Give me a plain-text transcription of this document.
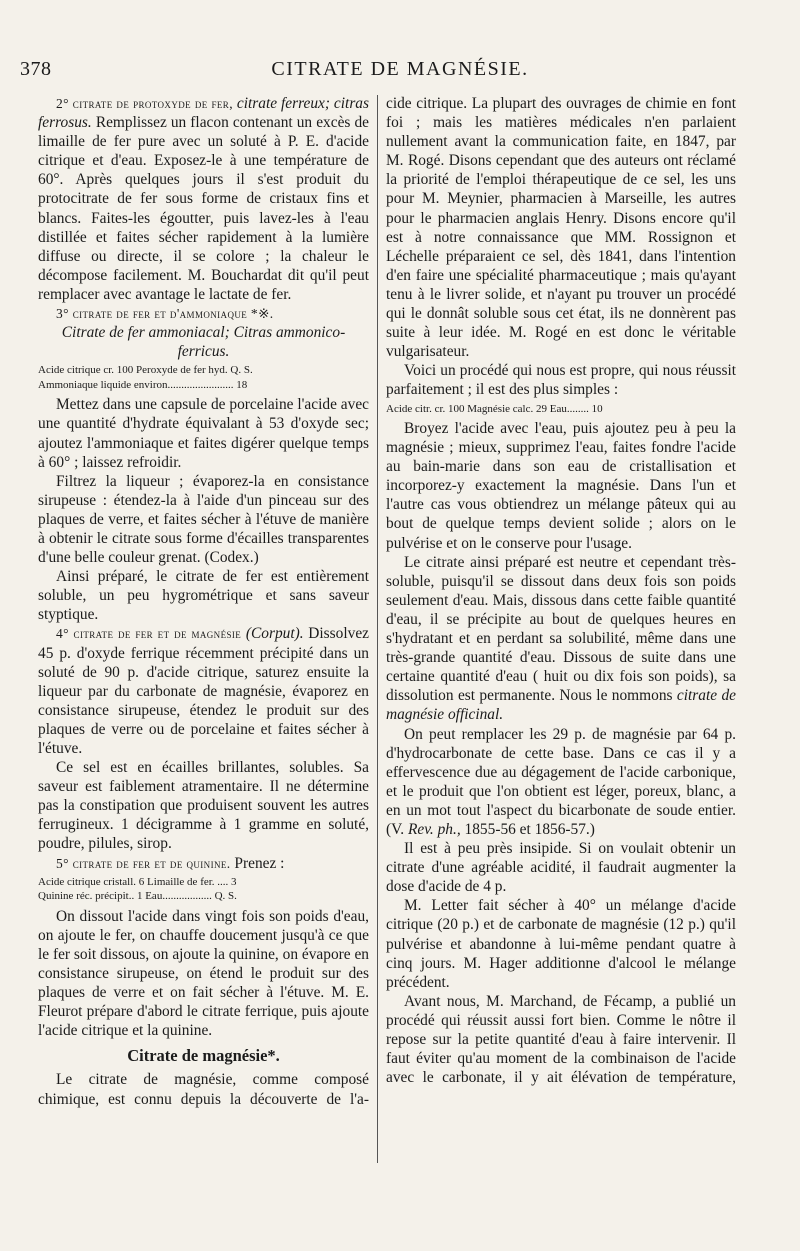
378	CITRATE DE MAGNÉSIE.

2° citrate de protoxyde de fer, citrate ferreux; citras ferrosus. Remplissez un flacon contenant un excès de limaille de fer pure avec un soluté à P. E. d'acide citrique et d'eau. Exposez-le à une température de 60°. Après quelques jours il s'est produit du protocitrate de fer sous forme de cristaux fins et blancs. Faites-les égoutter, puis lavez-les à l'eau distillée et faites sécher rapidement à la lumière diffuse ou directe, il se colore ; la chaleur le décompose facilement. M. Bouchardat dit qu'il peut remplacer avec avantage le lactate de fer.

3° citrate de fer et d'ammoniaque *※.

Citrate de fer ammoniacal; Citras ammonico-ferricus.

Acide citrique cr. 100 Peroxyde de fer hyd. Q. S.
Ammoniaque liquide environ........................ 18

Mettez dans une capsule de porcelaine l'acide avec une quantité d'hydrate équivalant à 53 d'oxyde sec; ajoutez l'ammoniaque et faites digérer quelque temps à 60° ; laissez refroidir.

Filtrez la liqueur ; évaporez-la en consistance sirupeuse : étendez-la à l'aide d'un pinceau sur des plaques de verre, et faites sécher à l'étuve de manière à obtenir le citrate sous forme d'écailles transparentes d'une belle couleur grenat. (Codex.)

Ainsi préparé, le citrate de fer est entièrement soluble, un peu hygrométrique et sans saveur styptique.

4° citrate de fer et de magnésie (Corput). Dissolvez 45 p. d'oxyde ferrique récemment précipité dans un soluté de 90 p. d'acide citrique, saturez ensuite la liqueur par du carbonate de magnésie, évaporez en consistance sirupeuse, étendez le produit sur des plaques de verre ou de porcelaine et faites sécher à l'étuve.

Ce sel est en écailles brillantes, solubles. Sa saveur est faiblement atramentaire. Il ne détermine pas la constipation que produisent souvent les autres ferrugineux. 1 décigramme à 1 gramme en soluté, poudre, pilules, sirop.

5° citrate de fer et de quinine. Prenez :

Acide citrique cristall. 6 Limaille de fer. .... 3
Quinine réc. précipit.. 1 Eau.................. Q. S.

On dissout l'acide dans vingt fois son poids d'eau, on ajoute le fer, on chauffe doucement jusqu'à ce que le fer soit dissous, on ajoute la quinine, on évapore en consistance sirupeuse, on étend le produit sur des plaques de verre et on fait sécher à l'étuve. M. E. Fleurot prépare d'abord le citrate ferrique, puis ajoute l'acide citrique et la quinine.

Citrate de magnésie*.

Le citrate de magnésie, comme composé chimique, est connu depuis la découverte de l'a-

cide citrique. La plupart des ouvrages de chimie en font foi ; mais les matières médicales n'en parlaient nullement avant la communication faite, en 1847, par M. Rogé. Disons cependant que des auteurs ont réclamé la priorité de l'emploi thérapeutique de ce sel, les uns pour M. Meynier, pharmacien à Marseille, les autres pour le pharmacien anglais Henry. Disons encore qu'il est à notre connaissance que MM. Rossignon et Léchelle préparaient ce sel, dès 1841, dans l'intention d'en faire une spécialité pharmaceutique ; mais qu'ayant tenu à le livrer solide, et n'ayant pu trouver un procédé qui le donnât soluble sous cet état, ils ne donnèrent pas suite à leur idée. M. Rogé en est donc le véritable vulgarisateur.

Voici un procédé qui nous est propre, qui nous réussit parfaitement ; il est des plus simples :

Acide citr. cr. 100 Magnésie calc. 29 Eau........ 10

Broyez l'acide avec l'eau, puis ajoutez peu à peu la magnésie ; mieux, supprimez l'eau, faites fondre l'acide au bain-marie dans son eau de cristallisation et incorporez-y exactement la magnésie. Dans l'un et l'autre cas vous obtiendrez un mélange pâteux qui au bout de quelque temps devient solide ; alors on le pulvérise et on le conserve pour l'usage.

Le citrate ainsi préparé est neutre et cependant très-soluble, puisqu'il se dissout dans deux fois son poids seulement d'eau. Mais, dissous dans cette faible quantité d'eau, il se précipite au bout de quelques heures en s'hydratant et en perdant sa solubilité, même dans une très-grande quantité d'eau. Dissous de suite dans une certaine quantité d'eau ( huit ou dix fois son poids), sa dissolution est permanente. Nous le nommons citrate de magnésie officinal.

On peut remplacer les 29 p. de magnésie par 64 p. d'hydrocarbonate de cette base. Dans ce cas il y a effervescence due au dégagement de l'acide carbonique, et le produit que l'on obtient est léger, poreux, blanc, a en un mot tout l'aspect du bicarbonate de soude entier. (V. Rev. ph., 1855-56 et 1856-57.)

Il est à peu près insipide. Si on voulait obtenir un citrate d'une agréable acidité, il faudrait augmenter la dose d'acide de 4 p.

M. Letter fait sécher à 40° un mélange d'acide citrique (20 p.) et de carbonate de magnésie (12 p.) qu'il pulvérise et abandonne à lui-même pendant quatre à cinq jours. M. Hager additionne d'alcool le mélange précédent.

Avant nous, M. Marchand, de Fécamp, a publié un procédé qui réussit aussi fort bien. Comme le nôtre il repose sur la petite quantité d'eau à faire intervenir. Il faut éviter qu'au moment de la combinaison de l'acide avec le carbonate, il y ait élévation de température,
